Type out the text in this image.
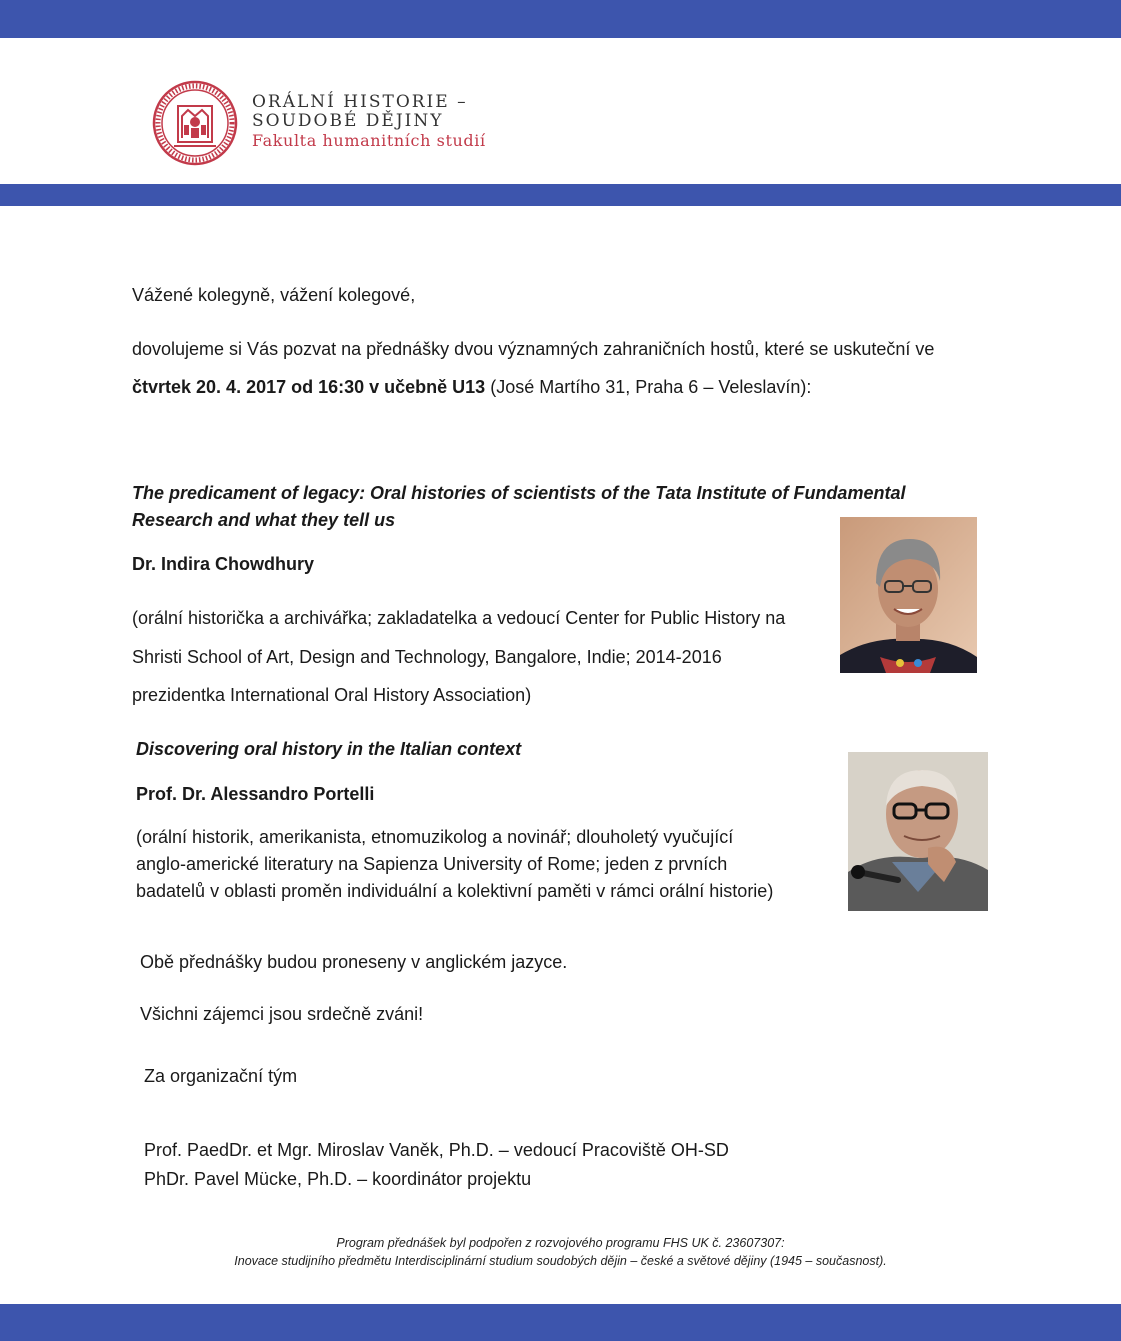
ORÁLNÍ HISTORIE –
SOUDOBÉ DĚJINY
Fakulta humanitních studií
Vážené kolegyně, vážení kolegové,
dovolujeme si Vás pozvat na přednášky dvou významných zahraničních hostů, které se uskuteční ve
čtvrtek 20. 4. 2017 od 16:30 v učebně U13 (José Martího 31, Praha 6 – Veleslavín):
The predicament of legacy: Oral histories of scientists of the Tata Institute of Fundamental Research and what they tell us
Dr. Indira Chowdhury
(orální historička a archivářka; zakladatelka a vedoucí Center for Public History na
Shristi School of Art, Design and Technology, Bangalore, Indie; 2014-2016
prezidentka International Oral History Association)
Discovering oral history in the Italian context
Prof. Dr. Alessandro Portelli
(orální historik, amerikanista, etnomuzikolog a novinář; dlouholetý vyučující
anglo-americké literatury na Sapienza University of Rome; jeden z prvních
badatelů v oblasti proměn individuální a kolektivní paměti v rámci orální historie)
Obě přednášky budou proneseny v anglickém jazyce.
Všichni zájemci jsou srdečně zváni!
Za organizační tým
Prof. PaedDr. et Mgr. Miroslav Vaněk, Ph.D. – vedoucí Pracoviště OH-SD
PhDr. Pavel Mücke, Ph.D. – koordinátor projektu
Program přednášek byl podpořen z rozvojového programu FHS UK č. 23607307:
Inovace studijního předmětu Interdisciplinární studium soudobých dějin – české a světové dějiny (1945 – současnost).
